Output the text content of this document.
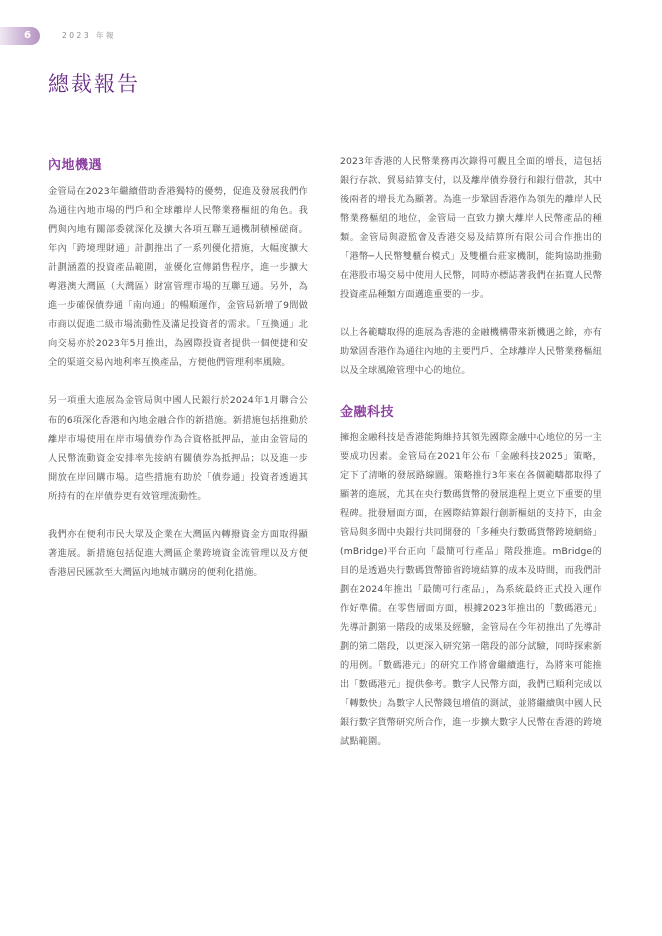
6	2023 年報
總裁報告
內地機遇

金管局在2023年繼續借助香港獨特的優勢，促進及發展我們作為通往內地市場的門戶和全球離岸人民幣業務樞紐的角色。我們與內地有關部委就深化及擴大各項互聯互通機制積極磋商。年內「跨境理財通」計劃推出了一系列優化措施，大幅度擴大計劃涵蓋的投資產品範圍，並優化宣傳銷售程序，進一步擴大粵港澳大灣區（大灣區）財富管理市場的互聯互通。另外，為進一步確保債券通「南向通」的暢順運作，金管局新增了9間做市商以促進二級市場流動性及滿足投資者的需求。「互換通」北向交易亦於2023年5月推出，為國際投資者提供一個便捷和安全的渠道交易內地利率互換產品，方便他們管理利率風險。

另一項重大進展為金管局與中國人民銀行於2024年1月聯合公布的6項深化香港和內地金融合作的新措施。新措施包括推動於離岸市場使用在岸市場債券作為合資格抵押品，並由金管局的人民幣流動資金安排率先接納有關債券為抵押品；以及進一步開放在岸回購市場。這些措施有助於「債券通」投資者透過其所持有的在岸債券更有效管理流動性。

我們亦在便利市民大眾及企業在大灣區內轉撥資金方面取得顯著進展。新措施包括促進大灣區企業跨境資金流管理以及方便香港居民匯款至大灣區內地城市購房的便利化措施。

2023年香港的人民幣業務再次錄得可觀且全面的增長，這包括銀行存款、貿易結算支付，以及離岸債券發行和銀行借款，其中後兩者的增長尤為顯著。為進一步鞏固香港作為領先的離岸人民幣業務樞紐的地位，金管局一直致力擴大離岸人民幣產品的種類。金管局與證監會及香港交易及結算所有限公司合作推出的「港幣─人民幣雙櫃台模式」及雙櫃台莊家機制，能夠協助推動在港股市場交易中使用人民幣，同時亦標誌著我們在拓寬人民幣投資產品種類方面邁進重要的一步。

以上各範疇取得的進展為香港的金融機構帶來新機遇之餘，亦有助鞏固香港作為通往內地的主要門戶、全球離岸人民幣業務樞紐以及全球風險管理中心的地位。

金融科技

擁抱金融科技是香港能夠維持其領先國際金融中心地位的另一主要成功因素。金管局在2021年公布「金融科技2025」策略，定下了清晰的發展路線圖。策略推行3年來在各個範疇都取得了顯著的進展，尤其在央行數碼貨幣的發展進程上更立下重要的里程碑。批發層面方面，在國際結算銀行創新樞紐的支持下，由金管局與多間中央銀行共同開發的「多種央行數碼貨幣跨境網絡」(mBridge)平台正向「最簡可行產品」階段推進。mBridge的目的是透過央行數碼貨幣節省跨境結算的成本及時間，而我們計劃在2024年推出「最簡可行產品」，為系統最終正式投入運作作好準備。在零售層面方面，根據2023年推出的「數碼港元」先導計劃第一階段的成果及經驗，金管局在今年初推出了先導計劃的第二階段，以更深入研究第一階段的部分試驗，同時探索新的用例。「數碼港元」的研究工作將會繼續進行，為將來可能推出「數碼港元」提供參考。數字人民幣方面，我們已順利完成以「轉數快」為數字人民幣錢包增值的測試，並將繼續與中國人民銀行數字貨幣研究所合作，進一步擴大數字人民幣在香港的跨境試點範圍。
